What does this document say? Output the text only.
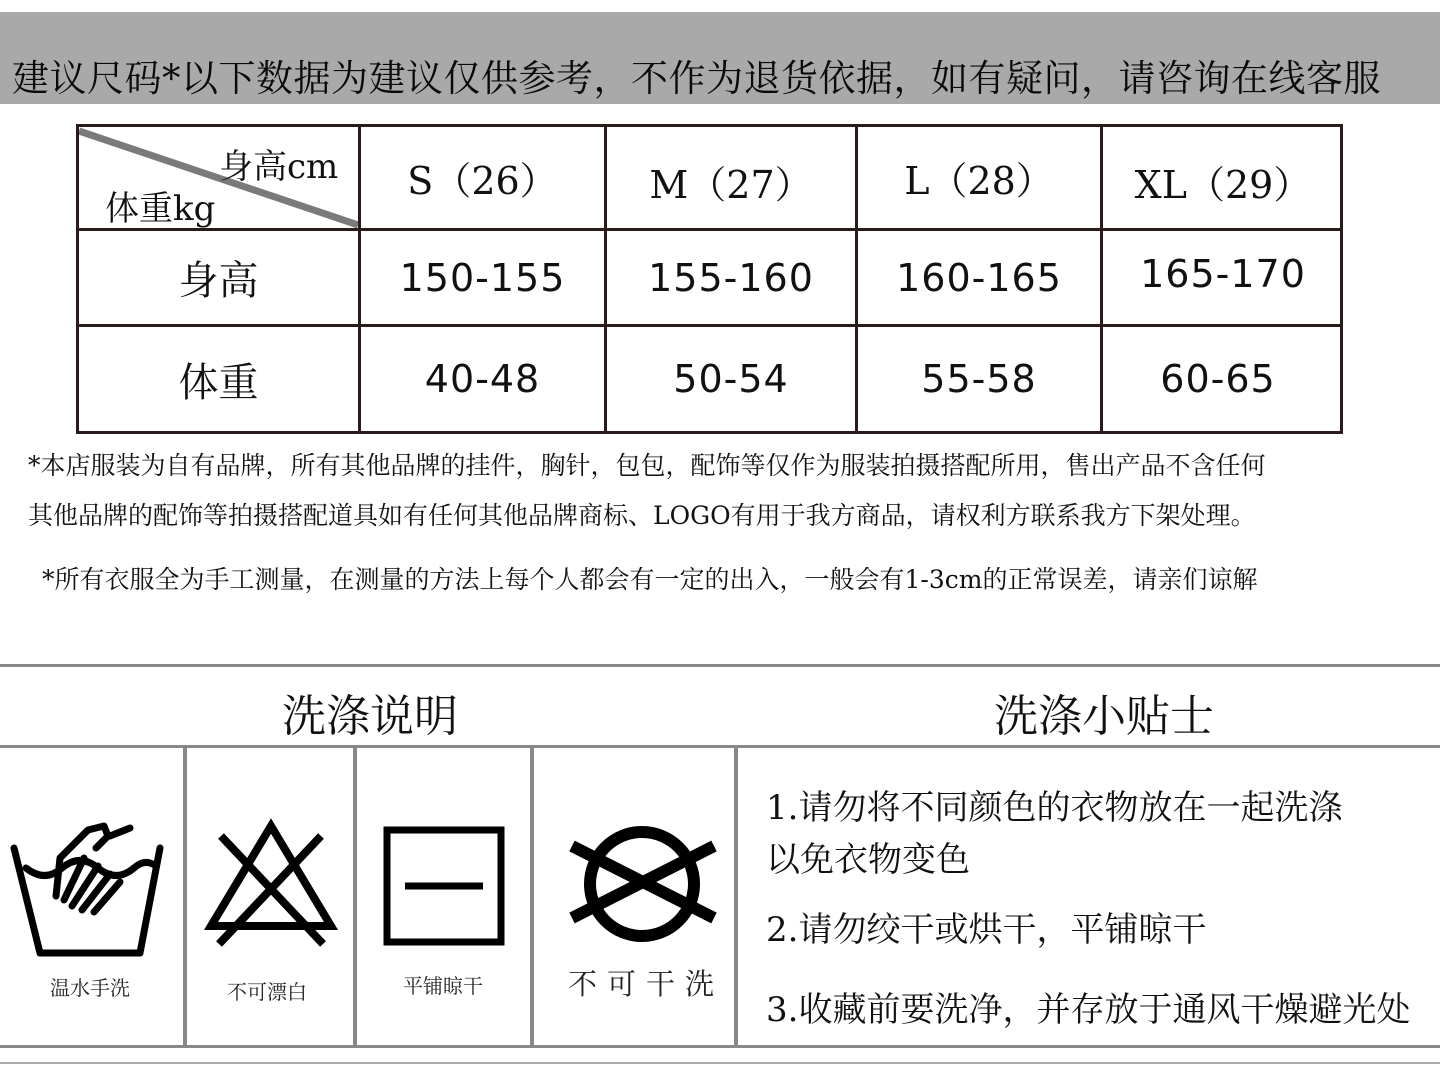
建议尺码*以下数据为建议仅供参考，不作为退货依据，如有疑问，请咨询在线客服
身高cm
体重kg
S（26）	M（27）	L（28）	XL（29）
身高	150-155	155-160	160-165	165-170
体重	40-48	50-54	55-58	60-65
*本店服装为自有品牌，所有其他品牌的挂件，胸针，包包，配饰等仅作为服装拍摄搭配所用，售出产品不含任何
其他品牌的配饰等拍摄搭配道具如有任何其他品牌商标、LOGO有用于我方商品，请权利方联系我方下架处理。
*所有衣服全为手工测量，在测量的方法上每个人都会有一定的出入，一般会有1-3cm的正常误差，请亲们谅解
洗涤说明	洗涤小贴士
温水手洗	不可漂白	平铺晾干	不可干洗
1.请勿将不同颜色的衣物放在一起洗涤
以免衣物变色
2.请勿绞干或烘干，平铺晾干
3.收藏前要洗净，并存放于通风干燥避光处
